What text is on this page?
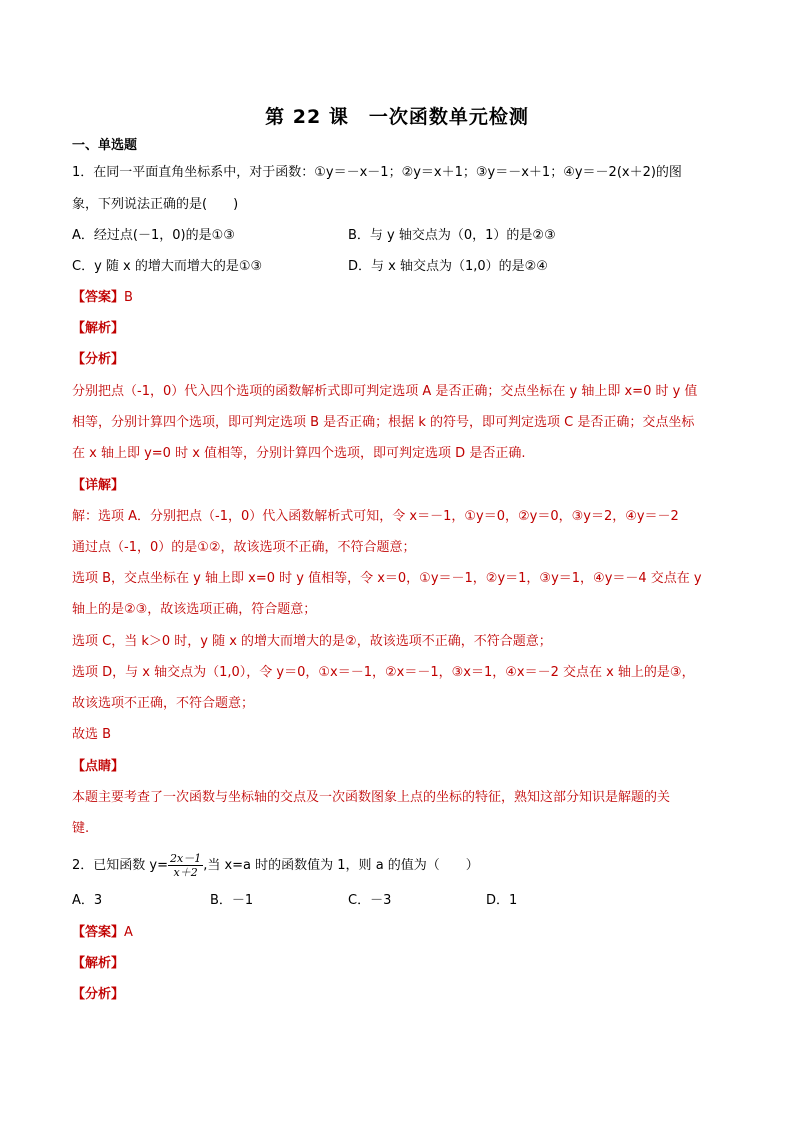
第 22 课　一次函数单元检测
一、单选题
1．在同一平面直角坐标系中，对于函数：①y＝－x－1；②y＝x＋1；③y＝－x＋1；④y＝－2(x＋2)的图
象，下列说法正确的是(　　)
A．经过点(－1，0)的是①③	B．与 y 轴交点为（0，1）的是②③
C．y 随 x 的增大而增大的是①③	D．与 x 轴交点为（1,0）的是②④
【答案】B
【解析】
【分析】
分别把点（-1，0）代入四个选项的函数解析式即可判定选项 A 是否正确；交点坐标在 y 轴上即 x=0 时 y 值
相等，分别计算四个选项，即可判定选项 B 是否正确；根据 k 的符号，即可判定选项 C 是否正确；交点坐标
在 x 轴上即 y=0 时 x 值相等，分别计算四个选项，即可判定选项 D 是否正确.
【详解】
解：选项 A．分别把点（-1，0）代入函数解析式可知，令 x＝－1，①y＝0，②y＝0，③y＝2，④y＝－2
通过点（-1，0）的是①②，故该选项不正确，不符合题意；
选项 B，交点坐标在 y 轴上即 x=0 时 y 值相等，令 x＝0，①y＝－1，②y＝1，③y＝1，④y＝－4 交点在 y
轴上的是②③，故该选项正确，符合题意；
选项 C，当 k＞0 时，y 随 x 的增大而增大的是②，故该选项不正确，不符合题意；
选项 D，与 x 轴交点为（1,0），令 y＝0，①x＝－1，②x＝－1，③x＝1，④x＝－2 交点在 x 轴上的是③，
故该选项不正确，不符合题意；
故选 B
【点睛】
本题主要考查了一次函数与坐标轴的交点及一次函数图象上点的坐标的特征，熟知这部分知识是解题的关
键.
2．已知函数 $y= \frac{2x-1}{x+2}$ ,当 x=a 时的函数值为 1，则 a 的值为（　　）
A．3	B．－1	C．－3	D．1
【答案】A
【解析】
【分析】
